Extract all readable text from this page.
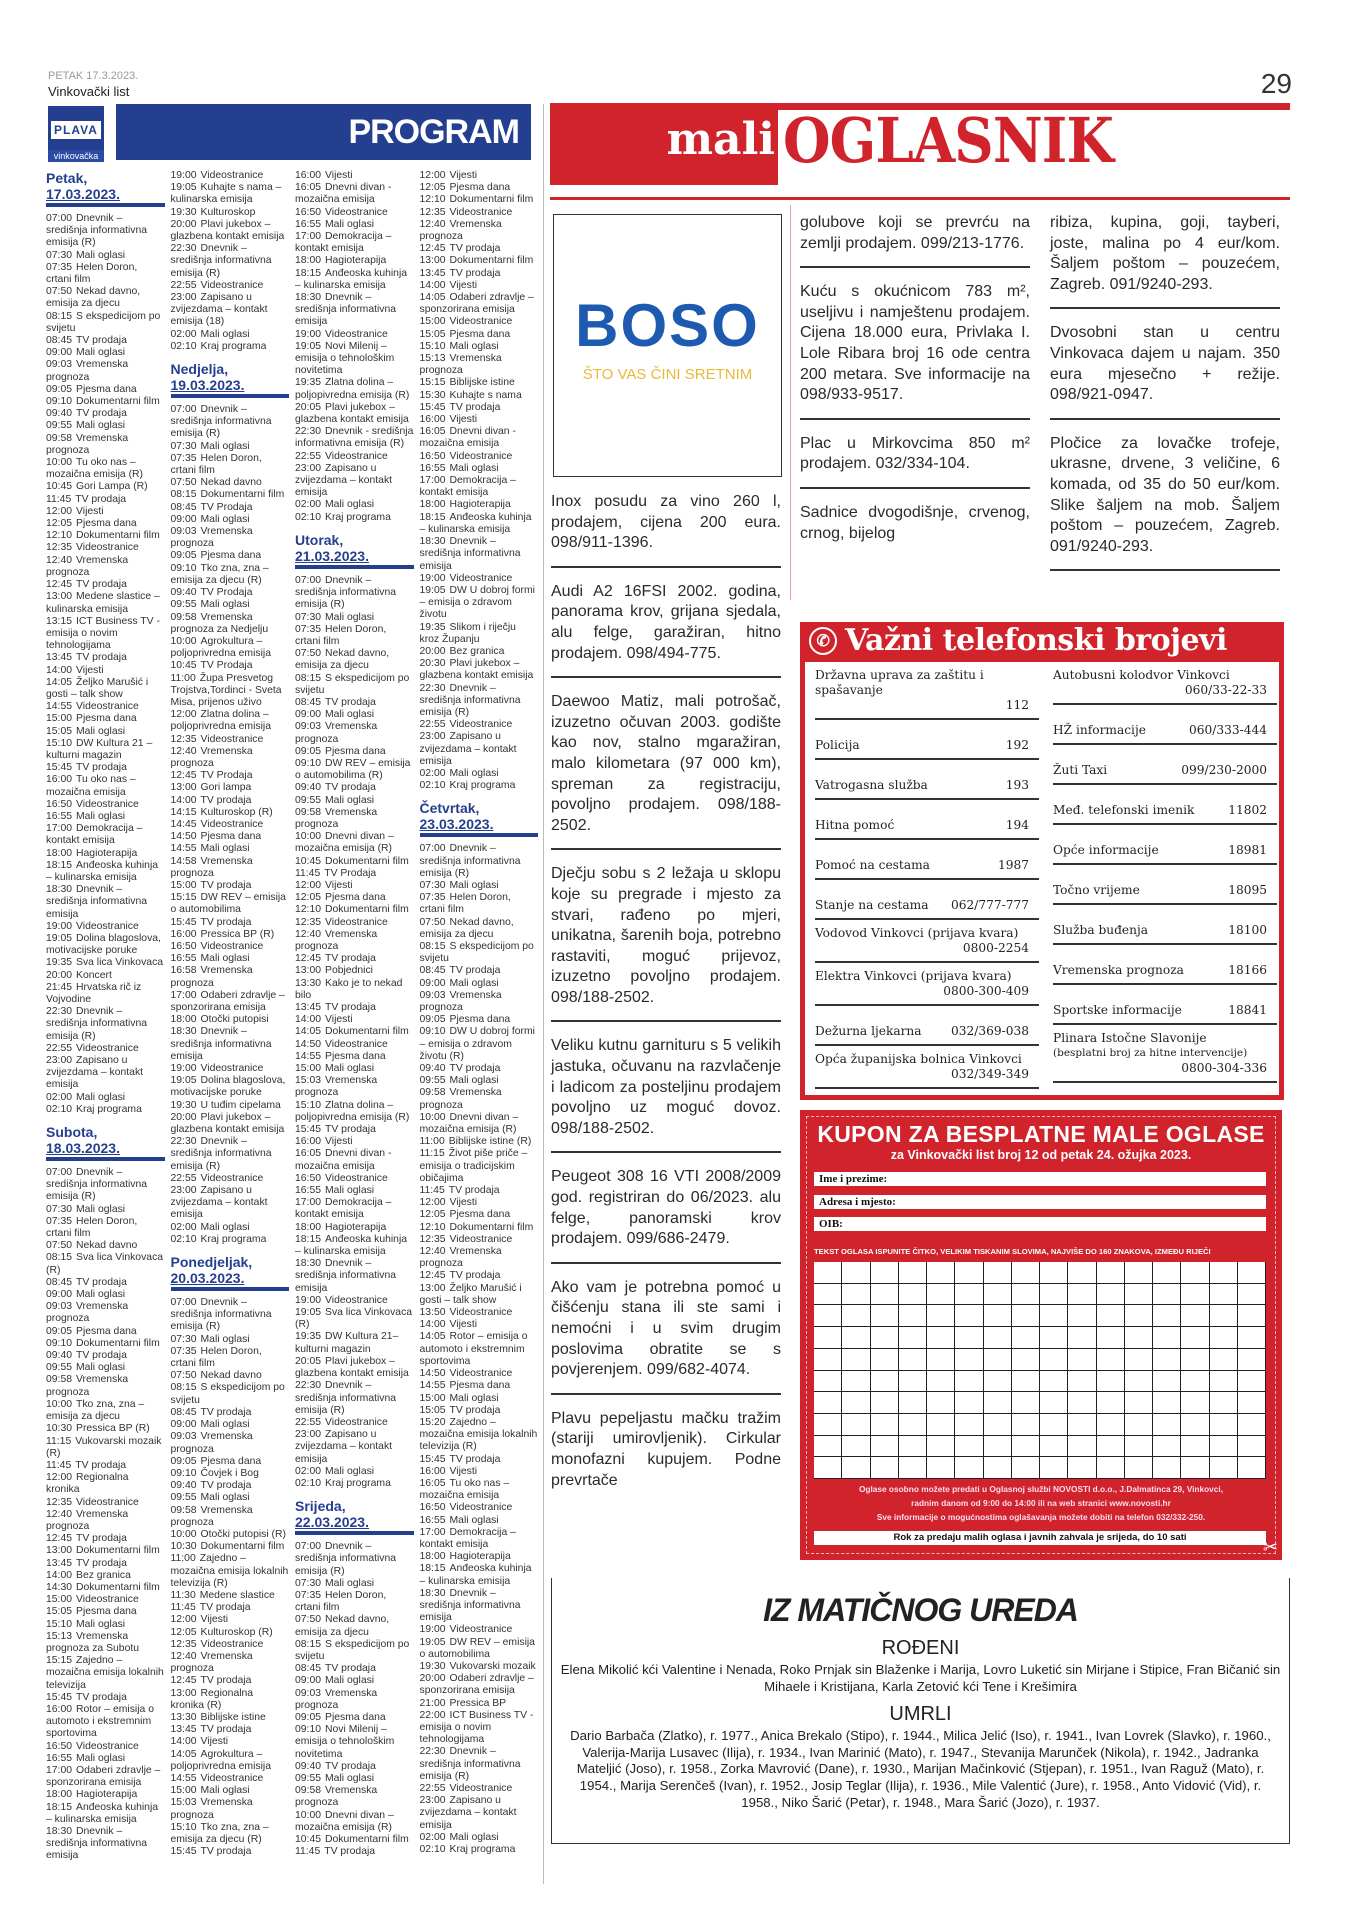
PETAK 17.3.2023.
Vinkovački list
PLAVA
vinkovačka
PROGRAM
Petak,
17.03.2023.
07:00 Dnevnik – središnja informativna emisija (R)
07:30 Mali oglasi
07:35 Helen Doron, crtani film
07:50 Nekad davno, emisija za djecu
08:15 S ekspedicijom po svijetu
08:45 TV prodaja
09:00 Mali oglasi
09:03 Vremenska prognoza
09:05 Pjesma dana
09:10 Dokumentarni film
09:40 TV prodaja
09:55 Mali oglasi
09:58 Vremenska prognoza
10:00 Tu oko nas – mozaična emisija (R)
10:45 Gori Lampa (R)
11:45 TV prodaja
12:00 Vijesti
12:05 Pjesma dana
12:10 Dokumentarni film
12:35 Videostranice
12:40 Vremenska prognoza
12:45 TV prodaja
13:00 Medene slastice – kulinarska emisija
13:15 ICT Business TV - emisija o novim tehnologijama
13:45 TV prodaja
14:00 Vijesti
14:05 Željko Marušić i gosti – talk show
14:55 Videostranice
15:00 Pjesma dana
15:05 Mali oglasi
15:10 DW Kultura 21 – kulturni magazin
15:45 TV prodaja
16:00 Tu oko nas – mozaična emisija
16:50 Videostranice
16:55 Mali oglasi
17:00 Demokracija – kontakt emisija
18:00 Hagioterapija
18:15 Anđeoska kuhinja – kulinarska emisija
18:30 Dnevnik – središnja informativna emisija
19:00 Videostranice
19:05 Dolina blagoslova, motivacijske poruke
19:35 Sva lica Vinkovaca
20:00 Koncert
21:45 Hrvatska rič iz Vojvodine
22:30 Dnevnik – središnja informativna emisija (R)
22:55 Videostranice
23:00 Zapisano u zvijezdama – kontakt emisija
02:00 Mali oglasi
02:10 Kraj programa
Subota,
18.03.2023.
07:00 Dnevnik – središnja informativna emisija (R)
07:30 Mali oglasi
07:35 Helen Doron, crtani film
07:50 Nekad davno
08:15 Sva lica Vinkovaca (R)
08:45 TV prodaja
09:00 Mali oglasi
09:03 Vremenska prognoza
09:05 Pjesma dana
09:10 Dokumentarni film
09:40 TV prodaja
09:55 Mali oglasi
09:58 Vremenska prognoza
10:00 Tko zna, zna – emisija za djecu
10:30 Pressica BP (R)
11:15 Vukovarski mozaik (R)
11:45 TV prodaja
12:00 Regionalna kronika
12:35 Videostranice
12:40 Vremenska prognoza
12:45 TV prodaja
13:00 Dokumentarni film
13:45 TV prodaja
14:00 Bez granica
14:30 Dokumentarni film
15:00 Videostranice
15:05 Pjesma dana
15:10 Mali oglasi
15:13 Vremenska prognoza za Subotu
15:15 Zajedno – mozaična emisija lokalnih televizija
15:45 TV prodaja
16:00 Rotor – emisija o automoto i ekstremnim sportovima
16:50 Videostranice
16:55 Mali oglasi
17:00 Odaberi zdravlje – sponzorirana emisija
18:00 Hagioterapija
18:15 Anđeoska kuhinja – kulinarska emisija
18:30 Dnevnik – središnja informativna emisija
19:00 Videostranice
19:05 Kuhajte s nama – kulinarska emisija
19:30 Kulturoskop
20:00 Plavi jukebox – glazbena kontakt emisija
22:30 Dnevnik – središnja informativna emisija (R)
22:55 Videostranice
23:00 Zapisano u zvijezdama – kontakt emisija (18)
02:00 Mali oglasi
02:10 Kraj programa
Nedjelja,
19.03.2023.
07:00 Dnevnik – središnja informativna emisija (R)
07:30 Mali oglasi
07:35 Helen Doron, crtani film
07:50 Nekad davno
08:15 Dokumentarni film
08:45 TV Prodaja
09:00 Mali oglasi
09:03 Vremenska prognoza
09:05 Pjesma dana
09:10 Tko zna, zna – emisija za djecu (R)
09:40 TV Prodaja
09:55 Mali oglasi
09:58 Vremenska prognoza za Nedjelju
10:00 Agrokultura – poljoprivredna emisija
10:45 TV Prodaja
11:00 Župa Presvetog Trojstva,Tordinci - Sveta Misa, prijenos uživo
12:00 Zlatna dolina – poljoprivredna emisija
12:35 Videostranice
12:40 Vremenska prognoza
12:45 TV Prodaja
13:00 Gori lampa
14:00 TV prodaja
14:15 Kulturoskop (R)
14:45 Videostranice
14:50 Pjesma dana
14:55 Mali oglasi
14:58 Vremenska prognoza
15:00 TV prodaja
15:15 DW REV – emisija o automobilima
15:45 TV prodaja
16:00 Pressica BP (R)
16:50 Videostranice
16:55 Mali oglasi
16:58 Vremenska prognoza
17:00 Odaberi zdravlje – sponzorirana emisija
18:00 Otočki putopisi
18:30 Dnevnik – središnja informativna emisija
19:00 Videostranice
19:05 Dolina blagoslova, motivacijske poruke
19:30 U tuđim cipelama
20:00 Plavi jukebox – glazbena kontakt emisija
22:30 Dnevnik – središnja informativna emisija (R)
22:55 Videostranice
23:00 Zapisano u zvijezdama – kontakt emisija
02:00 Mali oglasi
02:10 Kraj programa
Ponedjeljak,
20.03.2023.
07:00 Dnevnik – središnja informativna emisija (R)
07:30 Mali oglasi
07:35 Helen Doron, crtani film
07:50 Nekad davno
08:15 S ekspedicijom po svijetu
08:45 TV prodaja
09:00 Mali oglasi
09:03 Vremenska prognoza
09:05 Pjesma dana
09:10 Čovjek i Bog
09:40 TV prodaja
09:55 Mali oglasi
09:58 Vremenska prognoza
10:00 Otočki putopisi (R)
10:30 Dokumentarni film
11:00 Zajedno – mozaična emisija lokalnih televizija (R)
11:30 Medene slastice
11:45 TV prodaja
12:00 Vijesti
12:05 Kulturoskop (R)
12:35 Videostranice
12:40 Vremenska prognoza
12:45 TV prodaja
13:00 Regionalna kronika (R)
13:30 Biblijske istine
13:45 TV prodaja
14:00 Vijesti
14:05 Agrokultura – poljoprivredna emisija
14:55 Videostranice
15:00 Mali oglasi
15:03 Vremenska prognoza
15:10 Tko zna, zna – emisija za djecu (R)
15:45 TV prodaja
16:00 Vijesti
16:05 Dnevni divan - mozaična emisija
16:50 Videostranice
16:55 Mali oglasi
17:00 Demokracija – kontakt emisija
18:00 Hagioterapija
18:15 Anđeoska kuhinja – kulinarska emisija
18:30 Dnevnik – središnja informativna emisija
19:00 Videostranice
19:05 Novi Milenij – emisija o tehnološkim novitetima
19:35 Zlatna dolina – poljopivredna emisija (R)
20:05 Plavi jukebox – glazbena kontakt emisija
22:30 Dnevnik - središnja informativna emisija (R)
22:55 Videostranice
23:00 Zapisano u zvijezdama – kontakt emisija
02:00 Mali oglasi
02:10 Kraj programa
Utorak,
21.03.2023.
07:00 Dnevnik – središnja informativna emisija (R)
07:30 Mali oglasi
07:35 Helen Doron, crtani film
07:50 Nekad davno, emisija za djecu
08:15 S ekspedicijom po svijetu
08:45 TV prodaja
09:00 Mali oglasi
09:03 Vremenska prognoza
09:05 Pjesma dana
09:10 DW REV – emisija o automobilima (R)
09:40 TV prodaja
09:55 Mali oglasi
09:58 Vremenska prognoza
10:00 Dnevni divan – mozaična emisija (R)
10:45 Dokumentarni film
11:45 TV Prodaja
12:00 Vijesti
12:05 Pjesma dana
12:10 Dokumentarni film
12:35 Videostranice
12:40 Vremenska prognoza
12:45 TV prodaja
13:00 Pobjednici
13:30 Kako je to nekad bilo
13:45 TV prodaja
14:00 Vijesti
14:05 Dokumentarni film
14:50 Videostranice
14:55 Pjesma dana
15:00 Mali oglasi
15:03 Vremenska prognoza
15:10 Zlatna dolina – poljopivredna emisija (R)
15:45 TV prodaja
16:00 Vijesti
16:05 Dnevni divan - mozaična emisija
16:50 Videostranice
16:55 Mali oglasi
17:00 Demokracija – kontakt emisija
18:00 Hagioterapija
18:15 Anđeoska kuhinja – kulinarska emisija
18:30 Dnevnik – središnja informativna emisija
19:00 Videostranice
19:05 Sva lica Vinkovaca (R)
19:35 DW Kultura 21– kulturni magazin
20:05 Plavi jukebox – glazbena kontakt emisija
22:30 Dnevnik – središnja informativna emisija (R)
22:55 Videostranice
23:00 Zapisano u zvijezdama – kontakt emisija
02:00 Mali oglasi
02:10 Kraj programa
Srijeda,
22.03.2023.
07:00 Dnevnik – središnja informativna emisija (R)
07:30 Mali oglasi
07:35 Helen Doron, crtani film
07:50 Nekad davno, emisija za djecu
08:15 S ekspedicijom po svijetu
08:45 TV prodaja
09:00 Mali oglasi
09:03 Vremenska prognoza
09:05 Pjesma dana
09:10 Novi Milenij – emisija o tehnološkim novitetima
09:40 TV prodaja
09:55 Mali oglasi
09:58 Vremenska prognoza
10:00 Dnevni divan – mozaična emisija (R)
10:45 Dokumentarni film
11:45 TV prodaja
12:00 Vijesti
12:05 Pjesma dana
12:10 Dokumentarni film
12:35 Videostranice
12:40 Vremenska prognoza
12:45 TV prodaja
13:00 Dokumentarni film
13:45 TV prodaja
14:00 Vijesti
14:05 Odaberi zdravlje – sponzorirana emisija
15:00 Videostranice
15:05 Pjesma dana
15:10 Mali oglasi
15:13 Vremenska prognoza
15:15 Biblijske istine
15:30 Kuhajte s nama
15:45 TV prodaja
16:00 Vijesti
16:05 Dnevni divan - mozaična emisija
16:50 Videostranice
16:55 Mali oglasi
17:00 Demokracija – kontakt emisija
18:00 Hagioterapija
18:15 Anđeoska kuhinja – kulinarska emisija
18:30 Dnevnik – središnja informativna emisija
19:00 Videostranice
19:05 DW U dobroj formi – emisija o zdravom životu
19:35 Slikom i riječju kroz Županju
20:00 Bez granica
20:30 Plavi jukebox – glazbena kontakt emisija
22:30 Dnevnik – središnja informativna emisija (R)
22:55 Videostranice
23:00 Zapisano u zvijezdama – kontakt emisija
02:00 Mali oglasi
02:10 Kraj programa
Četvrtak,
23.03.2023.
07:00 Dnevnik – središnja informativna emisija (R)
07:30 Mali oglasi
07:35 Helen Doron, crtani film
07:50 Nekad davno, emisija za djecu
08:15 S ekspedicijom po svijetu
08:45 TV prodaja
09:00 Mali oglasi
09:03 Vremenska prognoza
09:05 Pjesma dana
09:10 DW U dobroj formi – emisija o zdravom životu (R)
09:40 TV prodaja
09:55 Mali oglasi
09:58 Vremenska prognoza
10:00 Dnevni divan – mozaična emisija (R)
11:00 Biblijske istine (R)
11:15 Život piše priče – emisija o tradicijskim običajima
11:45 TV prodaja
12:00 Vijesti
12:05 Pjesma dana
12:10 Dokumentarni film
12:35 Videostranice
12:40 Vremenska prognoza
12:45 TV prodaja
13:00 Željko Marušić i gosti – talk show
13:50 Videostranice
14:00 Vijesti
14:05 Rotor – emisija o automoto i ekstremnim sportovima
14:50 Videostranice
14:55 Pjesma dana
15:00 Mali oglasi
15:05 TV prodaja
15:20 Zajedno – mozaična emisija lokalnih televizija (R)
15:45 TV prodaja
16:00 Vijesti
16:05 Tu oko nas – mozaična emisija
16:50 Videostranice
16:55 Mali oglasi
17:00 Demokracija – kontakt emisija
18:00 Hagioterapija
18:15 Anđeoska kuhinja – kulinarska emisija
18:30 Dnevnik – središnja informativna emisija
19:00 Videostranice
19:05 DW REV – emisija o automobilima
19:30 Vukovarski mozaik
20:00 Odaberi zdravlje – sponzorirana emisija
21:00 Pressica BP
22:00 ICT Business TV - emisija o novim tehnologijama
22:30 Dnevnik – središnja informativna emisija (R)
22:55 Videostranice
23:00 Zapisano u zvijezdama – kontakt emisija
02:00 Mali oglasi
02:10 Kraj programa
29
mali OGLASNIK
BOSO
ŠTO VAS ČINI SRETNIM
Inox posudu za vino 260 l, prodajem, cijena 200 eura. 098/911-1396.
Audi A2 16FSI 2002. godina, panorama krov, grijana sjedala, alu felge, garažiran, hitno prodajem. 098/494-775.
Daewoo Matiz, mali potrošač, izuzetno očuvan 2003. godište kao nov, stalno mgaražiran, malo kilometara (97 000 km), spreman za registraciju, povoljno prodajem. 098/188-2502.
Dječju sobu s 2 ležaja u sklopu koje su pregrade i mjesto za stvari, rađeno po mjeri, unikatna, šarenih boja, potrebno rastaviti, moguć prijevoz, izuzetno povoljno prodajem. 098/188-2502.
Veliku kutnu garnituru s 5 velikih jastuka, očuvanu na razvlačenje i ladicom za posteljinu prodajem povoljno uz moguć dovoz. 098/188-2502.
Peugeot 308 16 VTI 2008/2009 god. registriran do 06/2023. alu felge, panoramski krov prodajem. 099/686-2479.
Ako vam je potrebna pomoć u čišćenju stana ili ste sami i nemoćni i u svim drugim poslovima obratite se s povjerenjem. 099/682-4074.
Plavu pepeljastu mačku tražim (stariji umirovljenik). Cirkular monofazni kupujem. Podne prevrtače
golubove koji se prevrću na zemlji prodajem. 099/213-1776.
Kuću s okućnicom 783 m², useljivu i namještenu prodajem. Cijena 18.000 eura, Privlaka I. Lole Ribara broj 16 ode centra 200 metara. Sve informacije na 098/933-9517.
Plac u Mirkovcima 850 m² prodajem. 032/334-104.
Sadnice dvogodišnje, crvenog, crnog, bijelog
ribiza, kupina, goji, tayberi, joste, malina po 4 eur/kom. Šaljem poštom – pouzećem, Zagreb. 091/9240-293.
Dvosobni stan u centru Vinkovaca dajem u najam. 350 eura mjesečno + režije. 098/921-0947.
Pločice za lovačke trofeje, ukrasne, drvene, 3 veličine, 6 komada, od 35 do 50 eur/kom. Slike šaljem na mob. Šaljem poštom – pouzećem, Zagreb. 091/9240-293.
✆ Važni telefonski brojevi
Državna uprava za zaštitu i spašavanje
112
Policija	192
Vatrogasna služba	193
Hitna pomoć	194
Pomoć na cestama	1987
Stanje na cestama	062/777-777
Vodovod Vinkovci (prijava kvara)
0800-2254
Elektra Vinkovci (prijava kvara)
0800-300-409
Dežurna ljekarna	032/369-038
Opća županijska bolnica Vinkovci
032/349-349
Autobusni kolodvor Vinkovci
060/33-22-33
HŽ informacije	060/333-444
Žuti Taxi	099/230-2000
Međ. telefonski imenik	11802
Opće informacije	18981
Točno vrijeme	18095
Služba buđenja	18100
Vremenska prognoza	18166
Sportske informacije	18841
Plinara Istočne Slavonije
(besplatni broj za hitne intervencije)
0800-304-336
KUPON ZA BESPLATNE MALE OGLASE
za Vinkovački list broj 12 od petak 24. ožujka 2023.
Ime i prezime:
Adresa i mjesto:
OIB:
TEKST OGLASA ISPUNITE ČITKO, VELIKIM TISKANIM SLOVIMA, NAJVIŠE DO 160 ZNAKOVA, IZMEĐU RIJEČI
Oglase osobno možete predati u Oglasnoj službi NOVOSTI d.o.o., J.Dalmatinca 29, Vinkovci,
radnim danom od 9:00 do 14:00 ili na web stranici www.novosti.hr
Sve informacije o mogućnostima oglašavanja možete dobiti na telefon 032/332-250.
Rok za predaju malih oglasa i javnih zahvala je srijeda, do 10 sati	✂
IZ MATIČNOG UREDA
ROĐENI

Elena Mikolić kći Valentine i Nenada, Roko Prnjak sin Blaženke i Marija, Lovro Luketić sin Mirjane i Stipice, Fran Bičanić sin Mihaele i Kristijana, Karla Zetović kći Tene i Krešimira

UMRLI

Dario Barbača (Zlatko), r. 1977., Anica Brekalo (Stipo), r. 1944., Milica Jelić (Iso), r. 1941., Ivan Lovrek (Slavko), r. 1960., Valerija-Marija Lusavec (Ilija), r. 1934., Ivan Marinić (Mato), r. 1947., Stevanija Marunček (Nikola), r. 1942., Jadranka Mateljić (Joso), r. 1958., Zorka Mavrović (Dane), r. 1930., Marijan Mačinković (Stjepan), r. 1951., Ivan Raguž (Mato), r. 1954., Marija Serenčeš (Ivan), r. 1952., Josip Teglar (Ilija), r. 1936., Mile Valentić (Jure), r. 1958., Anto Vidović (Vid), r. 1958., Niko Šarić (Petar), r. 1948., Mara Šarić (Jozo), r. 1937.
